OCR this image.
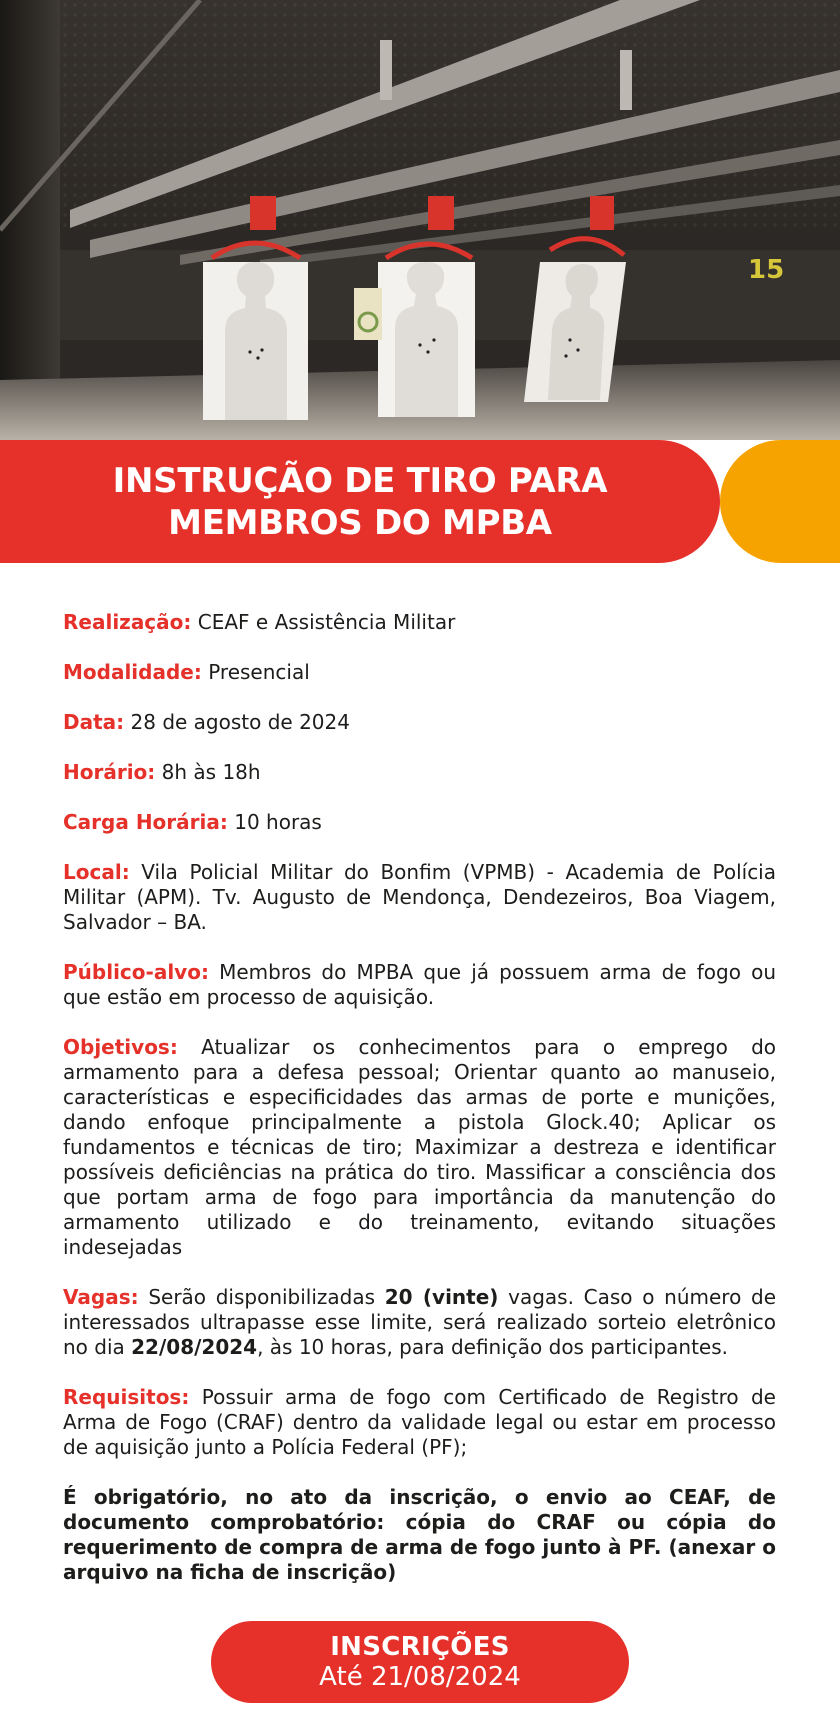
15
INSTRUÇÃO DE TIRO PARA
MEMBROS DO MPBA

Realização: CEAF e Assistência Militar

Modalidade: Presencial

Data: 28 de agosto de 2024

Horário: 8h às 18h

Carga Horária: 10 horas

Local: Vila Policial Militar do Bonfim (VPMB) - Academia de Polícia Militar (APM). Tv. Augusto de Mendonça, Dendezeiros, Boa Viagem, Salvador – BA.

Público-alvo: Membros do MPBA que já possuem arma de fogo ou que estão em processo de aquisição.

Objetivos: Atualizar os conhecimentos para o emprego do armamento para a defesa pessoal; Orientar quanto ao manuseio, características e especificidades das armas de porte e munições, dando enfoque principalmente a pistola Glock.40; Aplicar os fundamentos e técnicas de tiro; Maximizar a destreza e identificar possíveis deficiências na prática do tiro. Massificar a consciência dos que portam arma de fogo para importância da manutenção do armamento utilizado e do treinamento, evitando situações indesejadas

Vagas: Serão disponibilizadas 20 (vinte) vagas. Caso o número de interessados ultrapasse esse limite, será realizado sorteio eletrônico no dia 22/08/2024, às 10 horas, para definição dos participantes.

Requisitos: Possuir arma de fogo com Certificado de Registro de Arma de Fogo (CRAF) dentro da validade legal ou estar em processo de aquisição junto a Polícia Federal (PF);

É obrigatório, no ato da inscrição, o envio ao CEAF, de documento comprobatório: cópia do CRAF ou cópia do requerimento de compra de arma de fogo junto à PF. (anexar o arquivo na ficha de inscrição)

INSCRIÇÕES
Até 21/08/2024
